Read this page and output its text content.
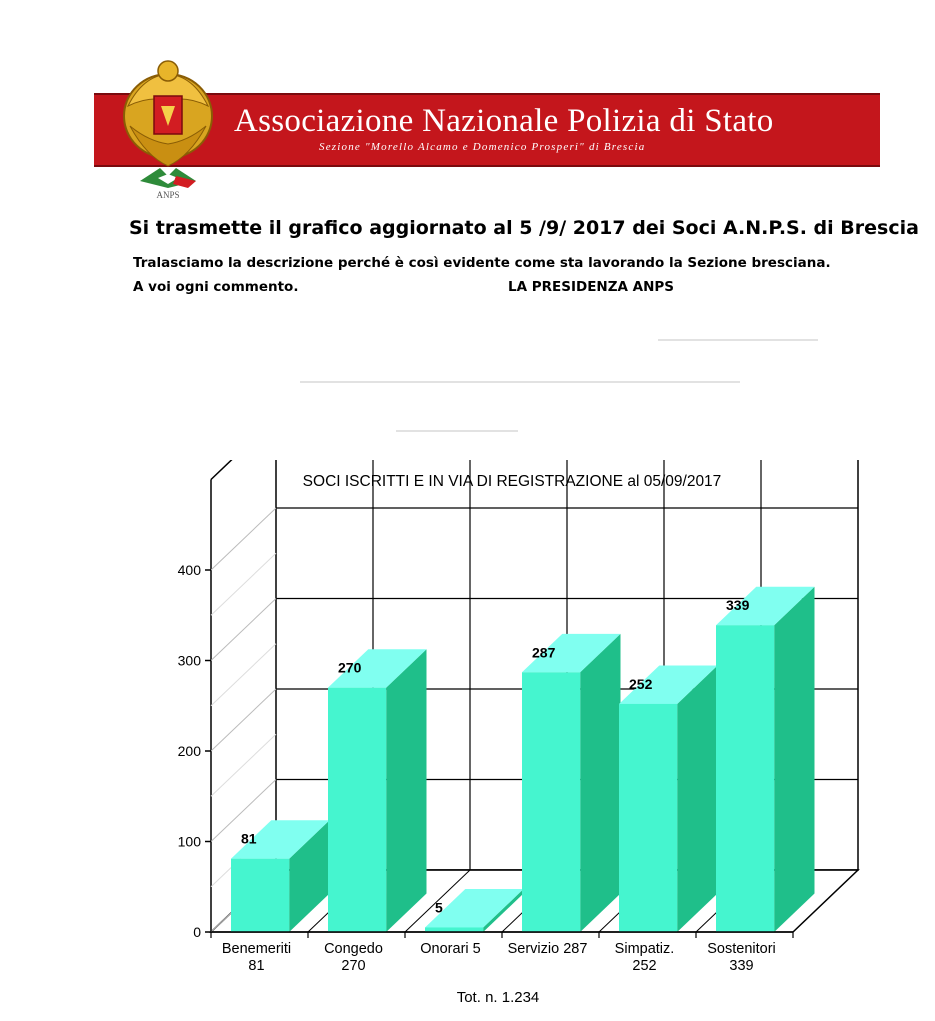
Associazione Nazionale Polizia di Stato
Sezione "Morello Alcamo e Domenico Prosperi" di Brescia
ANPS
Si trasmette il grafico aggiornato al 5 /9/ 2017 dei Soci A.N.P.S. di Brescia
Tralasciamo la descrizione perché è così evidente come sta lavorando la Sezione bresciana.
A voi ogni commento.	LA PRESIDENZA ANPS
0
100
200
300
400
81
270
5
287
252
339
Benemeriti 81
Congedo 270
Onorari 5 Servizio 287 Simpatiz. 252
Sostenitori 339
SOCI ISCRITTI E IN VIA DI REGISTRAZIONE al 05/09/2017
Tot. n. 1.234
